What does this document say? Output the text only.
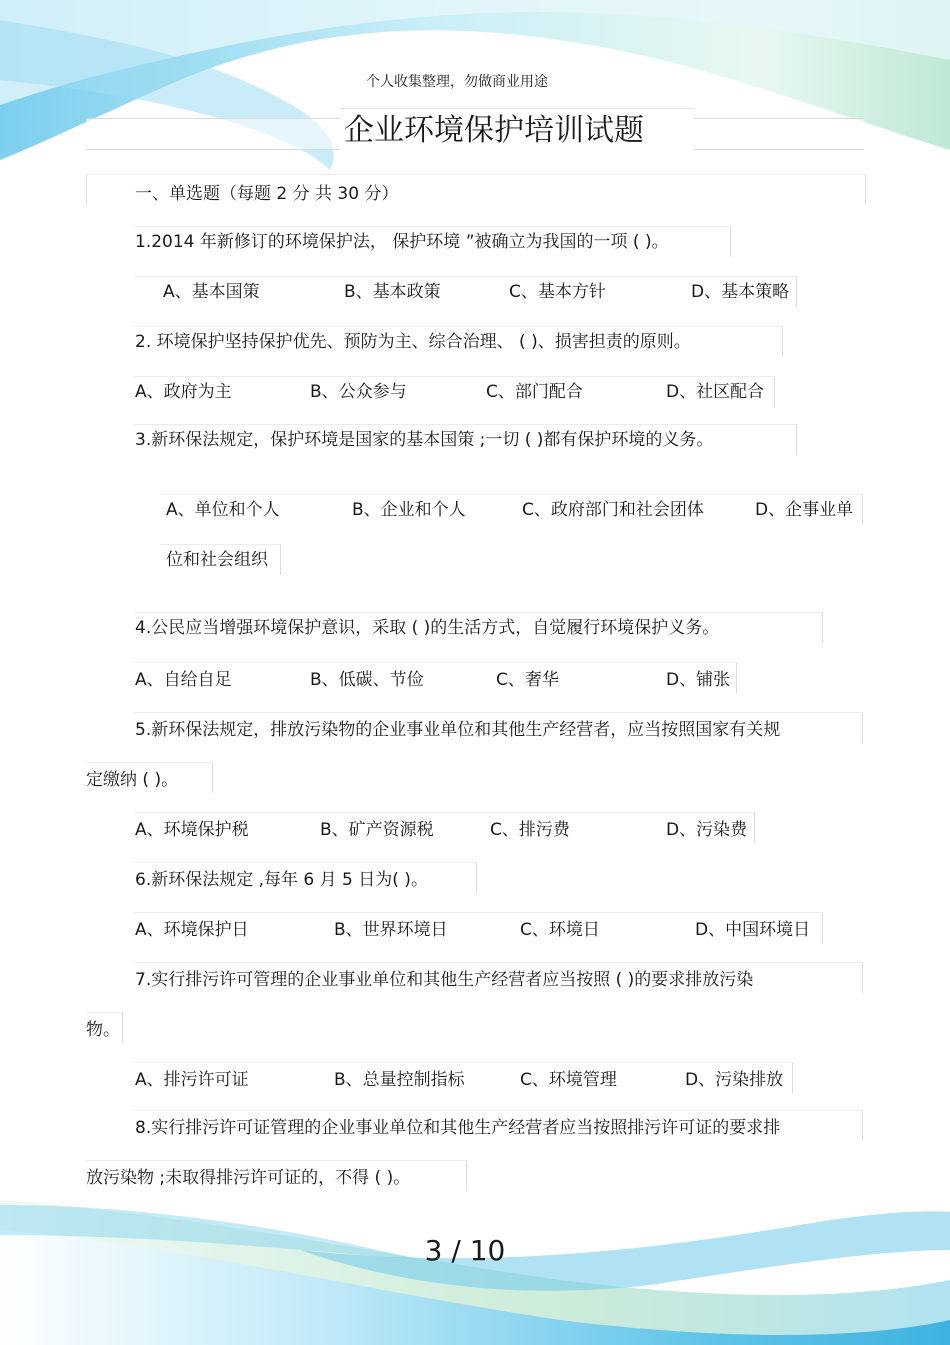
个人收集整理，勿做商业用途
企业环境保护培训试题
一、单选题（每题 2 分 共 30 分）
1.2014 年新修订的环境保护法， 保护环境 ”被确立为我国的一项 ( )。
A、基本国策	B、基本政策	C、基本方针	D、基本策略
2. 环境保护坚持保护优先、预防为主、综合治理、 ( )、损害担责的原则。
A、政府为主	B、公众参与	C、部门配合	D、社区配合
3.新环保法规定，保护环境是国家的基本国策 ;一切 ( )都有保护环境的义务。
A、单位和个人	B、企业和个人	C、政府部门和社会团体	D、企事业单
位和社会组织
4.公民应当增强环境保护意识，采取 ( )的生活方式，自觉履行环境保护义务。
A、自给自足	B、低碳、节俭	C、奢华	D、铺张
5.新环保法规定，排放污染物的企业事业单位和其他生产经营者，应当按照国家有关规
定缴纳 ( )。
A、环境保护税	B、矿产资源税	C、排污费	D、污染费
6.新环保法规定 ,每年 6 月 5 日为( )。
A、环境保护日	B、世界环境日	C、环境日	D、中国环境日
7.实行排污许可管理的企业事业单位和其他生产经营者应当按照 ( )的要求排放污染
物。
A、排污许可证	B、总量控制指标	C、环境管理	D、污染排放
8.实行排污许可证管理的企业事业单位和其他生产经营者应当按照排污许可证的要求排
放污染物 ;未取得排污许可证的，不得 ( )。
3 / 10
